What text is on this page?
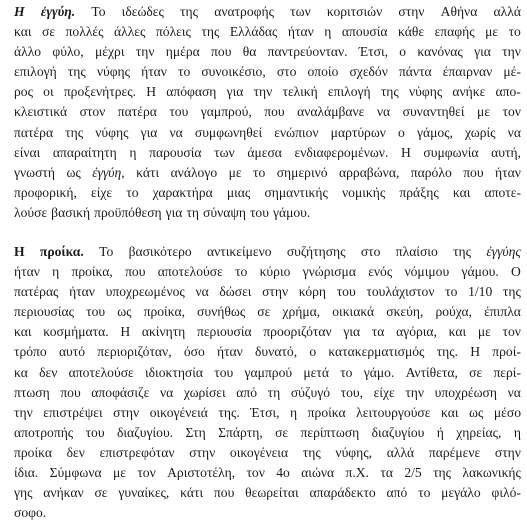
Η ἐγγύη. Το ιδεώδες της ανατροφής των κοριτσιών στην Αθήνα αλλά
και σε πολλές άλλες πόλεις της Ελλάδας ήταν η απουσία κάθε επαφής με το
άλλο φύλο, μέχρι την ημέρα που θα παντρεύονταν. Έτσι, ο κανόνας για την
επιλογή της νύφης ήταν το συνοικέσιο, στο οποίο σχεδόν πάντα έπαιρναν μέ-
ρος οι προξενήτρες. Η απόφαση για την τελική επιλογή της νύφης ανήκε απο-
κλειστικά στον πατέρα του γαμπρού, που αναλάμβανε να συναντηθεί με τον
πατέρα της νύφης για να συμφωνηθεί ενώπιον μαρτύρων ο γάμος, χωρίς να
είναι απαραίτητη η παρουσία των άμεσα ενδιαφερομένων. Η συμφωνία αυτή,
γνωστή ως ἐγγύη, κάτι ανάλογο με το σημερινό αρραβώνα, παρόλο που ήταν
προφορική, είχε το χαρακτήρα μιας σημαντικής νομικής πράξης και αποτε-
λούσε βασική προϋπόθεση για τη σύναψη του γάμου.
Η προίκα. Το βασικότερο αντικείμενο συζήτησης στο πλαίσιο της ἐγγύης
ήταν η προίκα, που αποτελούσε το κύριο γνώρισμα ενός νόμιμου γάμου. Ο
πατέρας ήταν υποχρεωμένος να δώσει στην κόρη του τουλάχιστον το 1/10 της
περιουσίας του ως προίκα, συνήθως σε χρήμα, οικιακά σκεύη, ρούχα, έπιπλα
και κοσμήματα. Η ακίνητη περιουσία προοριζόταν για τα αγόρια, και με τον
τρόπο αυτό περιοριζόταν, όσο ήταν δυνατό, ο κατακερματισμός της. Η προί-
κα δεν αποτελούσε ιδιοκτησία του γαμπρού μετά το γάμο. Αντίθετα, σε περί-
πτωση που αποφάσιζε να χωρίσει από τη σύζυγό του, είχε την υποχρέωση να
την επιστρέψει στην οικογένειά της. Έτσι, η προίκα λειτουργούσε και ως μέσο
αποτροπής του διαζυγίου. Στη Σπάρτη, σε περίπτωση διαζυγίου ή χηρείας, η
προίκα δεν επιστρεφόταν στην οικογένεια της νύφης, αλλά παρέμενε στην
ίδια. Σύμφωνα με τον Αριστοτέλη, τον 4ο αιώνα π.Χ. τα 2/5 της λακωνικής
γης ανήκαν σε γυναίκες, κάτι που θεωρείται απαράδεκτο από το μεγάλο φιλό-
σοφο.
